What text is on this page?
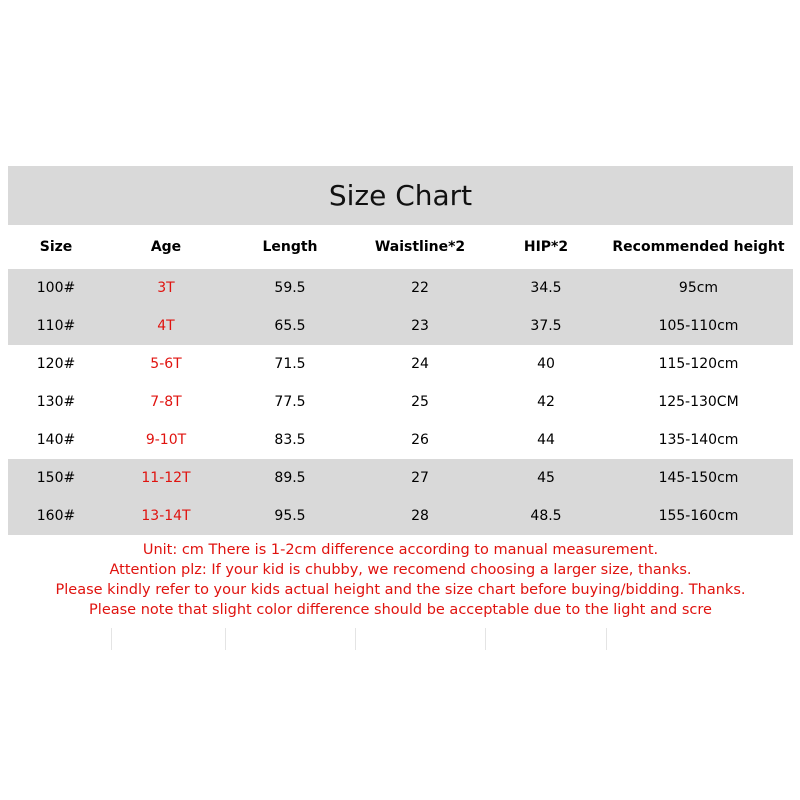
Size Chart
Size	Age	Length	Waistline*2	HIP*2	Recommended height
100#	3T	59.5	22	34.5	95cm
110#	4T	65.5	23	37.5	105-110cm
120#	5-6T	71.5	24	40	115-120cm
130#	7-8T	77.5	25	42	125-130CM
140#	9-10T	83.5	26	44	135-140cm
150#	11-12T	89.5	27	45	145-150cm
160#	13-14T	95.5	28	48.5	155-160cm
Unit: cm There is 1-2cm difference according to manual measurement.
Attention plz: If your kid is chubby, we recomend choosing a larger size, thanks.
Please kindly refer to your kids actual height and the size chart before buying/bidding. Thanks.
Please note that slight color difference should be acceptable due to the light and scre
